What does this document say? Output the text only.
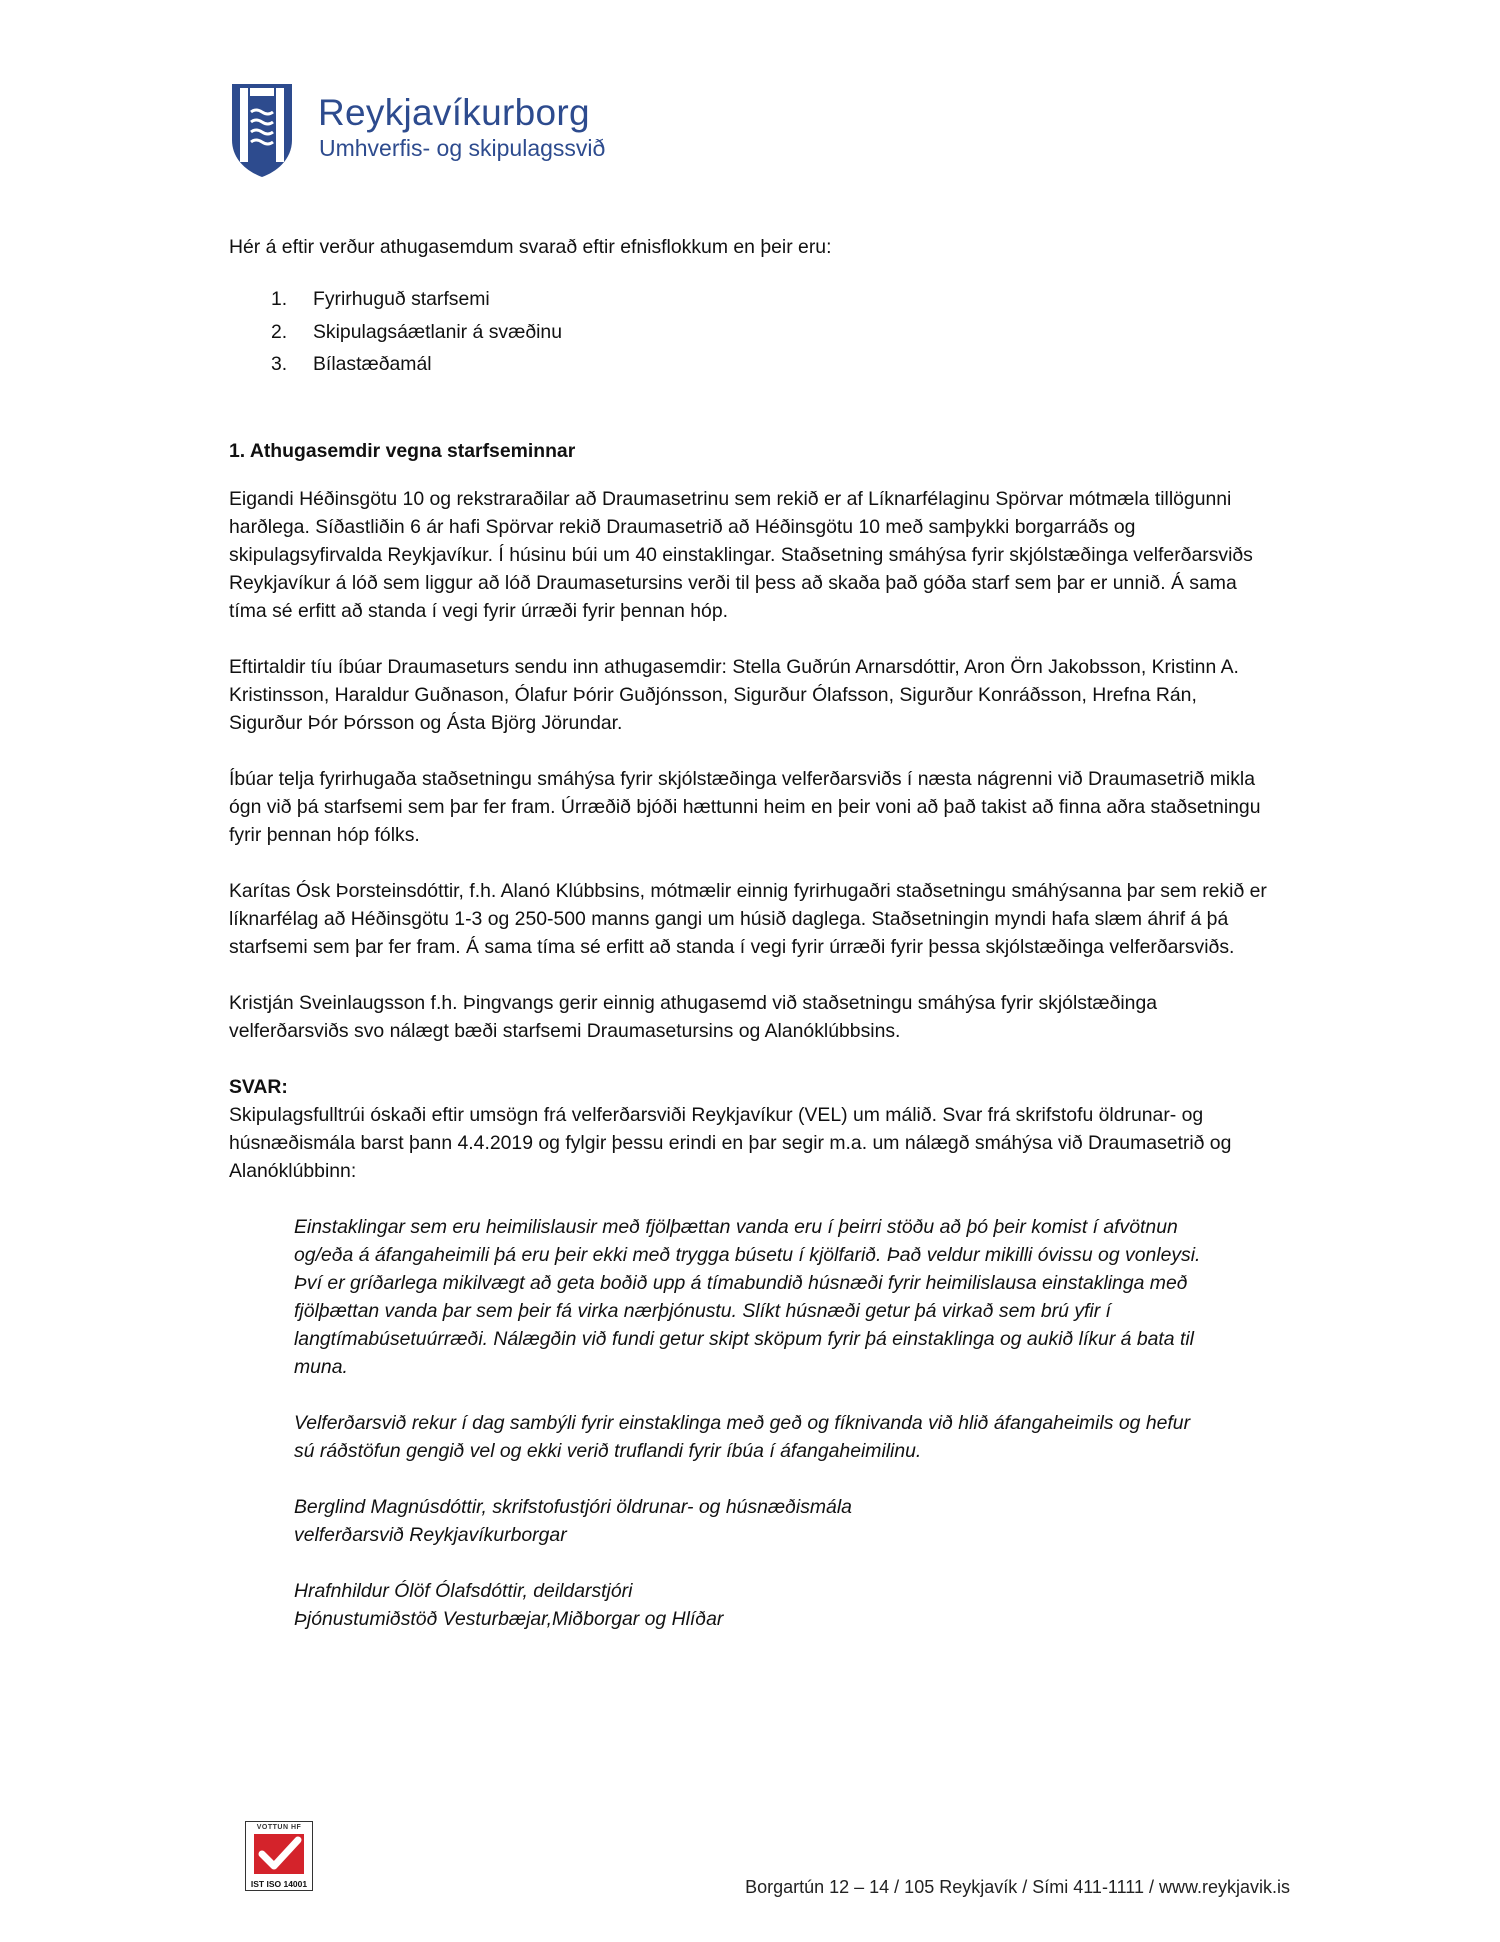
Reykjavíkurborg
Umhverfis- og skipulagssvið

Hér á eftir verður athugasemdum svarað eftir efnisflokkum en þeir eru:

1. Fyrirhuguð starfsemi
2. Skipulagsáætlanir á svæðinu
3. Bílastæðamál

1. Athugasemdir vegna starfseminnar

Eigandi Héðinsgötu 10 og rekstraraðilar að Draumasetrinu sem rekið er af Líknarfélaginu Spörvar mótmæla tillögunni harðlega. Síðastliðin 6 ár hafi Spörvar rekið Draumasetrið að Héðinsgötu 10 með samþykki borgarráðs og skipulagsyfirvalda Reykjavíkur. Í húsinu búi um 40 einstaklingar. Staðsetning smáhýsa fyrir skjólstæðinga velferðarsviðs Reykjavíkur á lóð sem liggur að lóð Draumasetursins verði til þess að skaða það góða starf sem þar er unnið. Á sama tíma sé erfitt að standa í vegi fyrir úrræði fyrir þennan hóp.

Eftirtaldir tíu íbúar Draumaseturs sendu inn athugasemdir: Stella Guðrún Arnarsdóttir, Aron Örn Jakobsson, Kristinn A. Kristinsson, Haraldur Guðnason, Ólafur Þórir Guðjónsson, Sigurður Ólafsson, Sigurður Konráðsson, Hrefna Rán, Sigurður Þór Þórsson og Ásta Björg Jörundar.

Íbúar telja fyrirhugaða staðsetningu smáhýsa fyrir skjólstæðinga velferðarsviðs í næsta nágrenni við Draumasetrið mikla ógn við þá starfsemi sem þar fer fram. Úrræðið bjóði hættunni heim en þeir voni að það takist að finna aðra staðsetningu fyrir þennan hóp fólks.

Karítas Ósk Þorsteinsdóttir, f.h. Alanó Klúbbsins, mótmælir einnig fyrirhugaðri staðsetningu smáhýsanna þar sem rekið er líknarfélag að Héðinsgötu 1-3 og 250-500 manns gangi um húsið daglega. Staðsetningin myndi hafa slæm áhrif á þá starfsemi sem þar fer fram. Á sama tíma sé erfitt að standa í vegi fyrir úrræði fyrir þessa skjólstæðinga velferðarsviðs.

Kristján Sveinlaugsson f.h. Þingvangs gerir einnig athugasemd við staðsetningu smáhýsa fyrir skjólstæðinga velferðarsviðs svo nálægt bæði starfsemi Draumasetursins og Alanóklúbbsins.

SVAR:

Skipulagsfulltrúi óskaði eftir umsögn frá velferðarsviði Reykjavíkur (VEL) um málið. Svar frá skrifstofu öldrunar- og húsnæðismála barst þann 4.4.2019 og fylgir þessu erindi en þar segir m.a. um nálægð smáhýsa við Draumasetrið og Alanóklúbbinn:

Einstaklingar sem eru heimilislausir með fjölþættan vanda eru í þeirri stöðu að þó þeir komist í afvötnun og/eða á áfangaheimili þá eru þeir ekki með trygga búsetu í kjölfarið. Það veldur mikilli óvissu og vonleysi. Því er gríðarlega mikilvægt að geta boðið upp á tímabundið húsnæði fyrir heimilislausa einstaklinga með fjölþættan vanda þar sem þeir fá virka nærþjónustu. Slíkt húsnæði getur þá virkað sem brú yfir í langtímabúsetuúrræði. Nálægðin við fundi getur skipt sköpum fyrir þá einstaklinga og aukið líkur á bata til muna.

Velferðarsvið rekur í dag sambýli fyrir einstaklinga með geð og fíknivanda við hlið áfangaheimils og hefur sú ráðstöfun gengið vel og ekki verið truflandi fyrir íbúa í áfangaheimilinu.

Berglind Magnúsdóttir, skrifstofustjóri öldrunar- og húsnæðismála
velferðarsvið Reykjavíkurborgar

Hrafnhildur Ólöf Ólafsdóttir, deildarstjóri
Þjónustumiðstöð Vesturbæjar,Miðborgar og Hlíðar

VOTTUN HF
IST ISO 14001	Borgartún 12 – 14 / 105 Reykjavík / Sími 411-1111 / www.reykjavik.is
